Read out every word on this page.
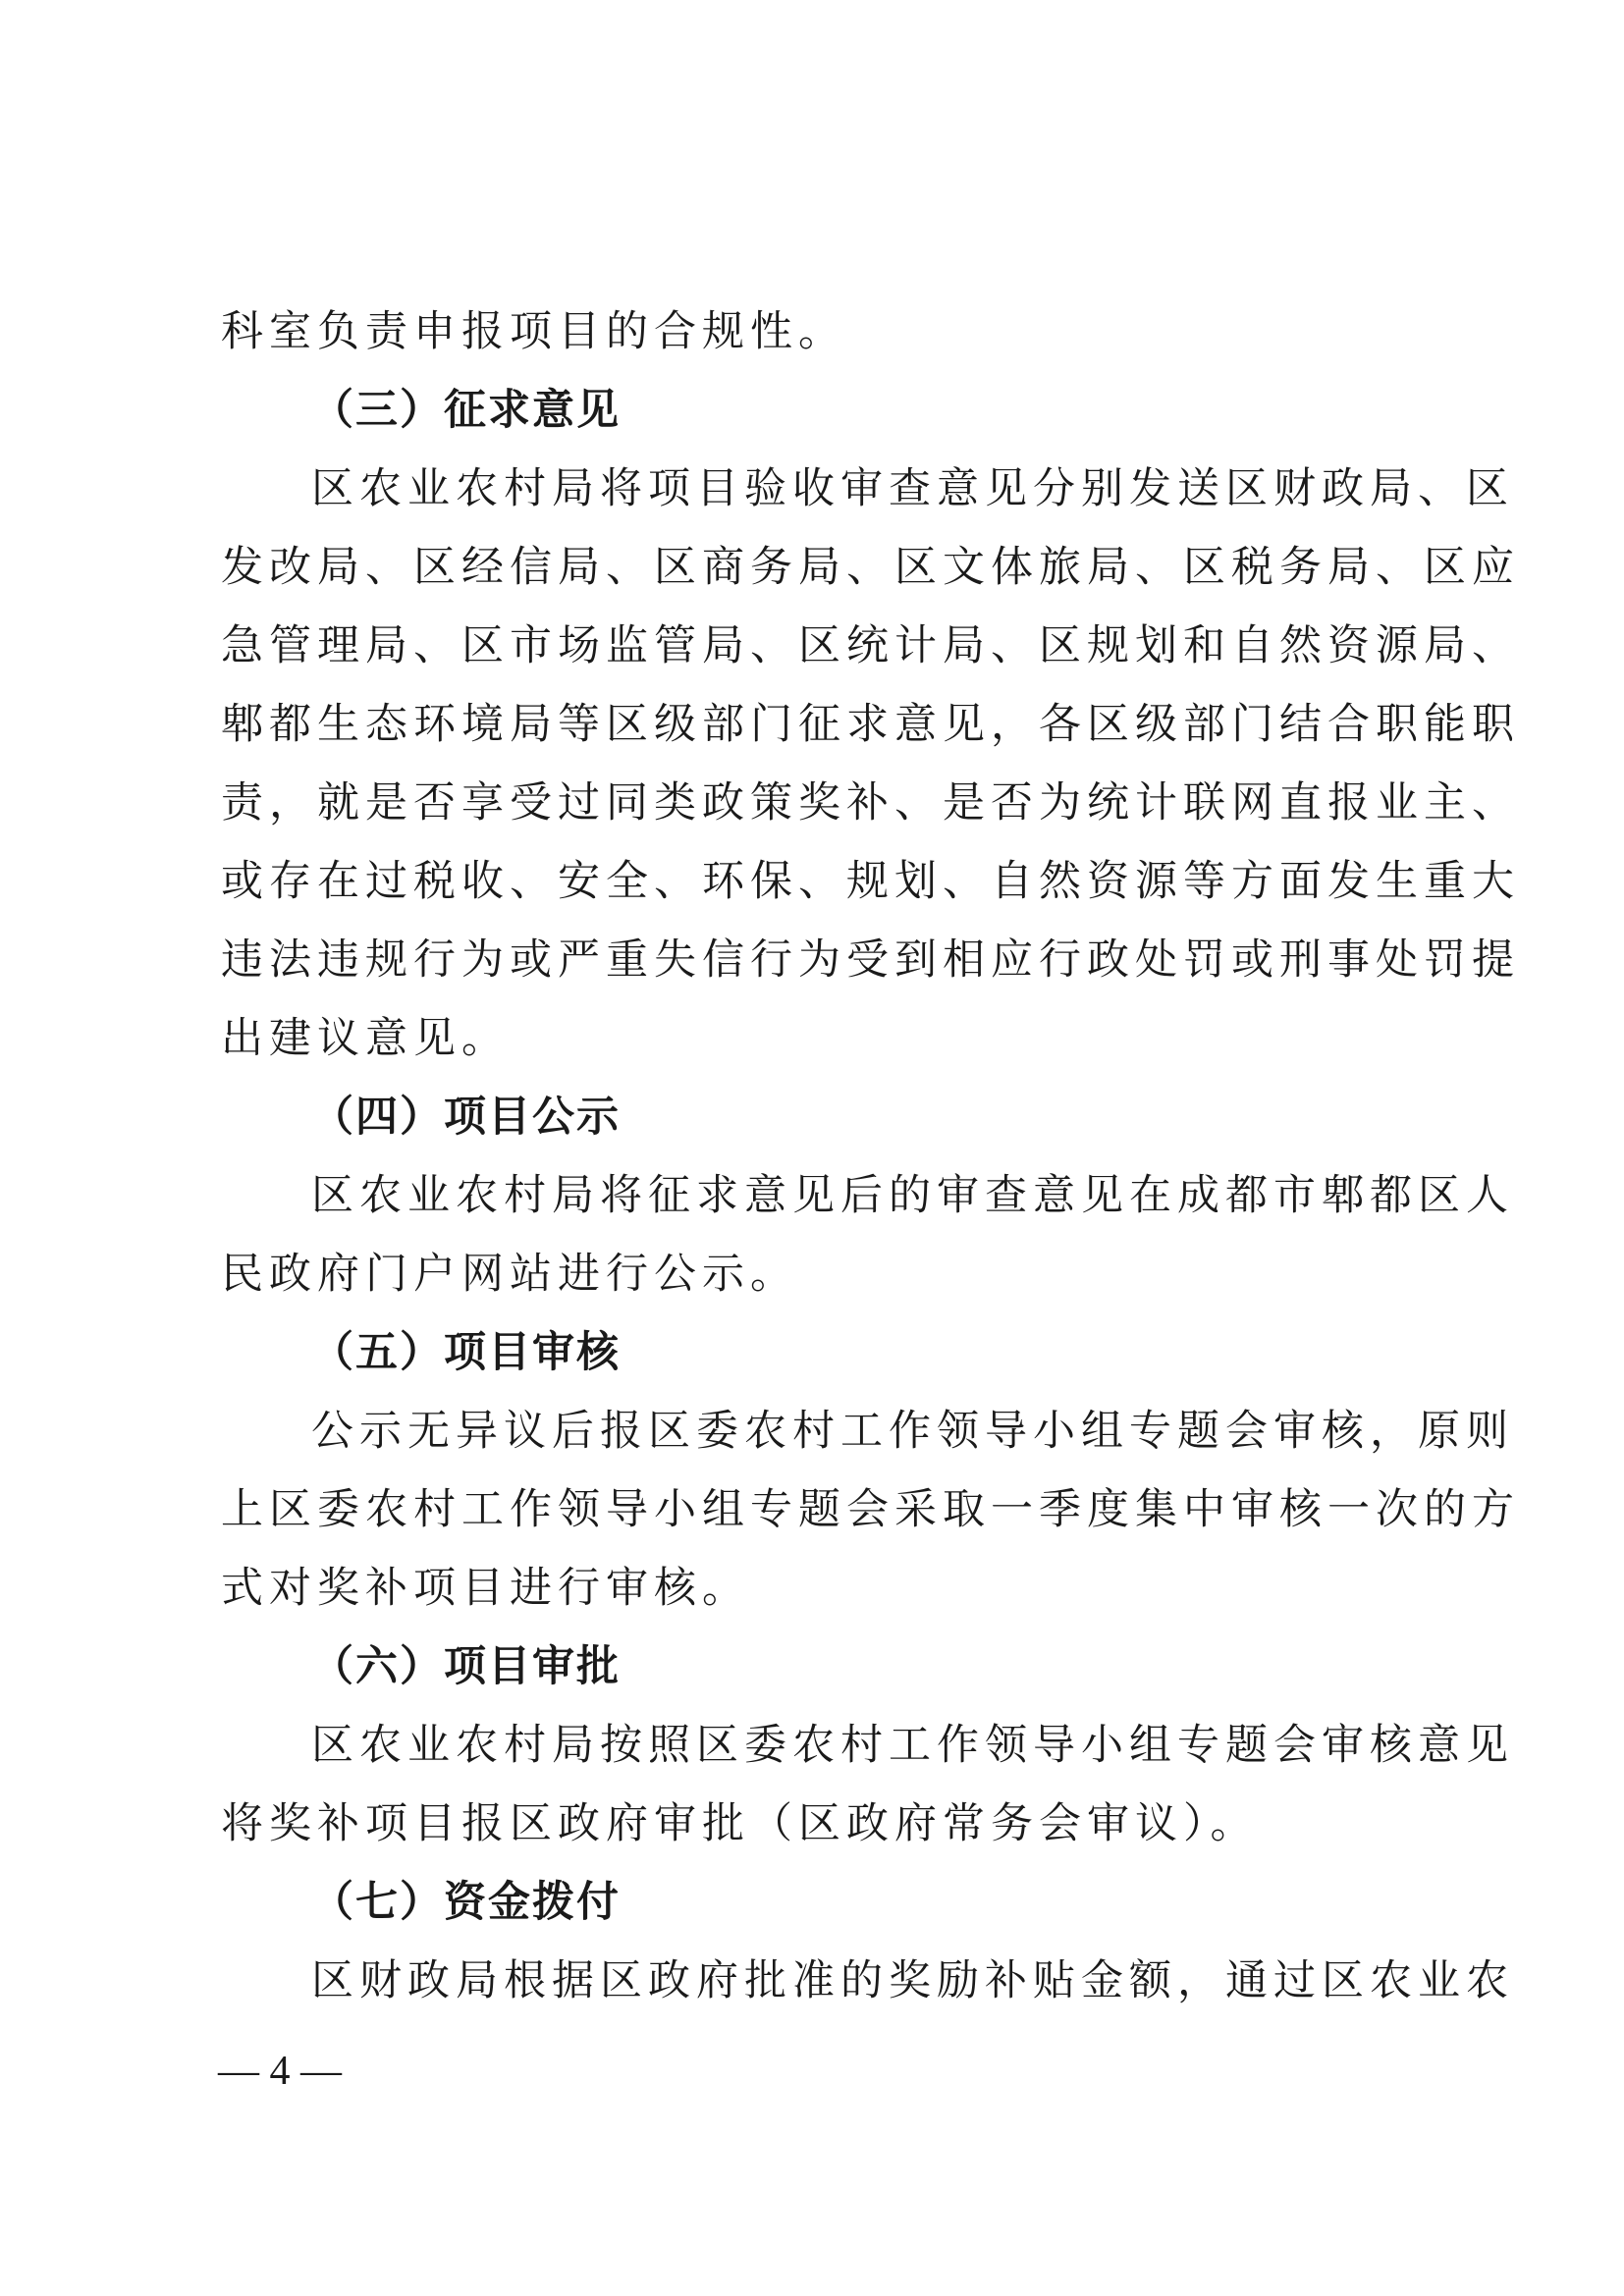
科室负责申报项目的合规性。
（三）征求意见
区农业农村局将项目验收审查意见分别发送区财政局、区
发改局、区经信局、区商务局、区文体旅局、区税务局、区应
急管理局、区市场监管局、区统计局、区规划和自然资源局、
郫都生态环境局等区级部门征求意见，各区级部门结合职能职
责，就是否享受过同类政策奖补、是否为统计联网直报业主、
或存在过税收、安全、环保、规划、自然资源等方面发生重大
违法违规行为或严重失信行为受到相应行政处罚或刑事处罚提
出建议意见。
（四）项目公示
区农业农村局将征求意见后的审查意见在成都市郫都区人
民政府门户网站进行公示。
（五）项目审核
公示无异议后报区委农村工作领导小组专题会审核，原则
上区委农村工作领导小组专题会采取一季度集中审核一次的方
式对奖补项目进行审核。
（六）项目审批
区农业农村局按照区委农村工作领导小组专题会审核意见
将奖补项目报区政府审批（区政府常务会审议）。
（七）资金拨付
区财政局根据区政府批准的奖励补贴金额，通过区农业农
— 4 —
